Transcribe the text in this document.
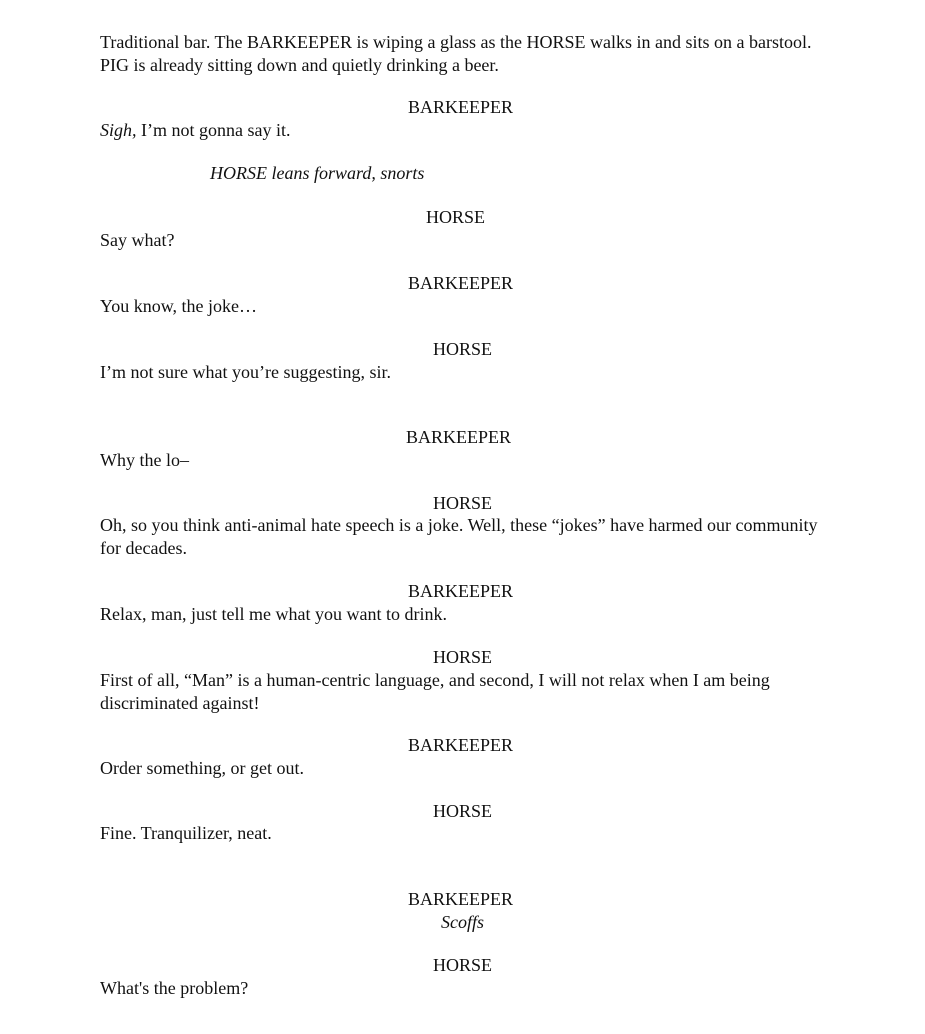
Traditional bar. The BARKEEPER is wiping a glass as the HORSE walks in and sits on a barstool. PIG is already sitting down and quietly drinking a beer.

BARKEEPER

Sigh, I’m not gonna say it.

HORSE leans forward, snorts

HORSE

Say what?

BARKEEPER

You know, the joke…

HORSE

I’m not sure what you’re suggesting, sir.

BARKEEPER

Why the lo–

HORSE

Oh, so you think anti-animal hate speech is a joke. Well, these “jokes” have harmed our community for decades.

BARKEEPER

Relax, man, just tell me what you want to drink.

HORSE

First of all, “Man” is a human-centric language, and second, I will not relax when I am being discriminated against!

BARKEEPER

Order something, or get out.

HORSE

Fine. Tranquilizer, neat.

BARKEEPER

Scoffs

HORSE

What's the problem?
